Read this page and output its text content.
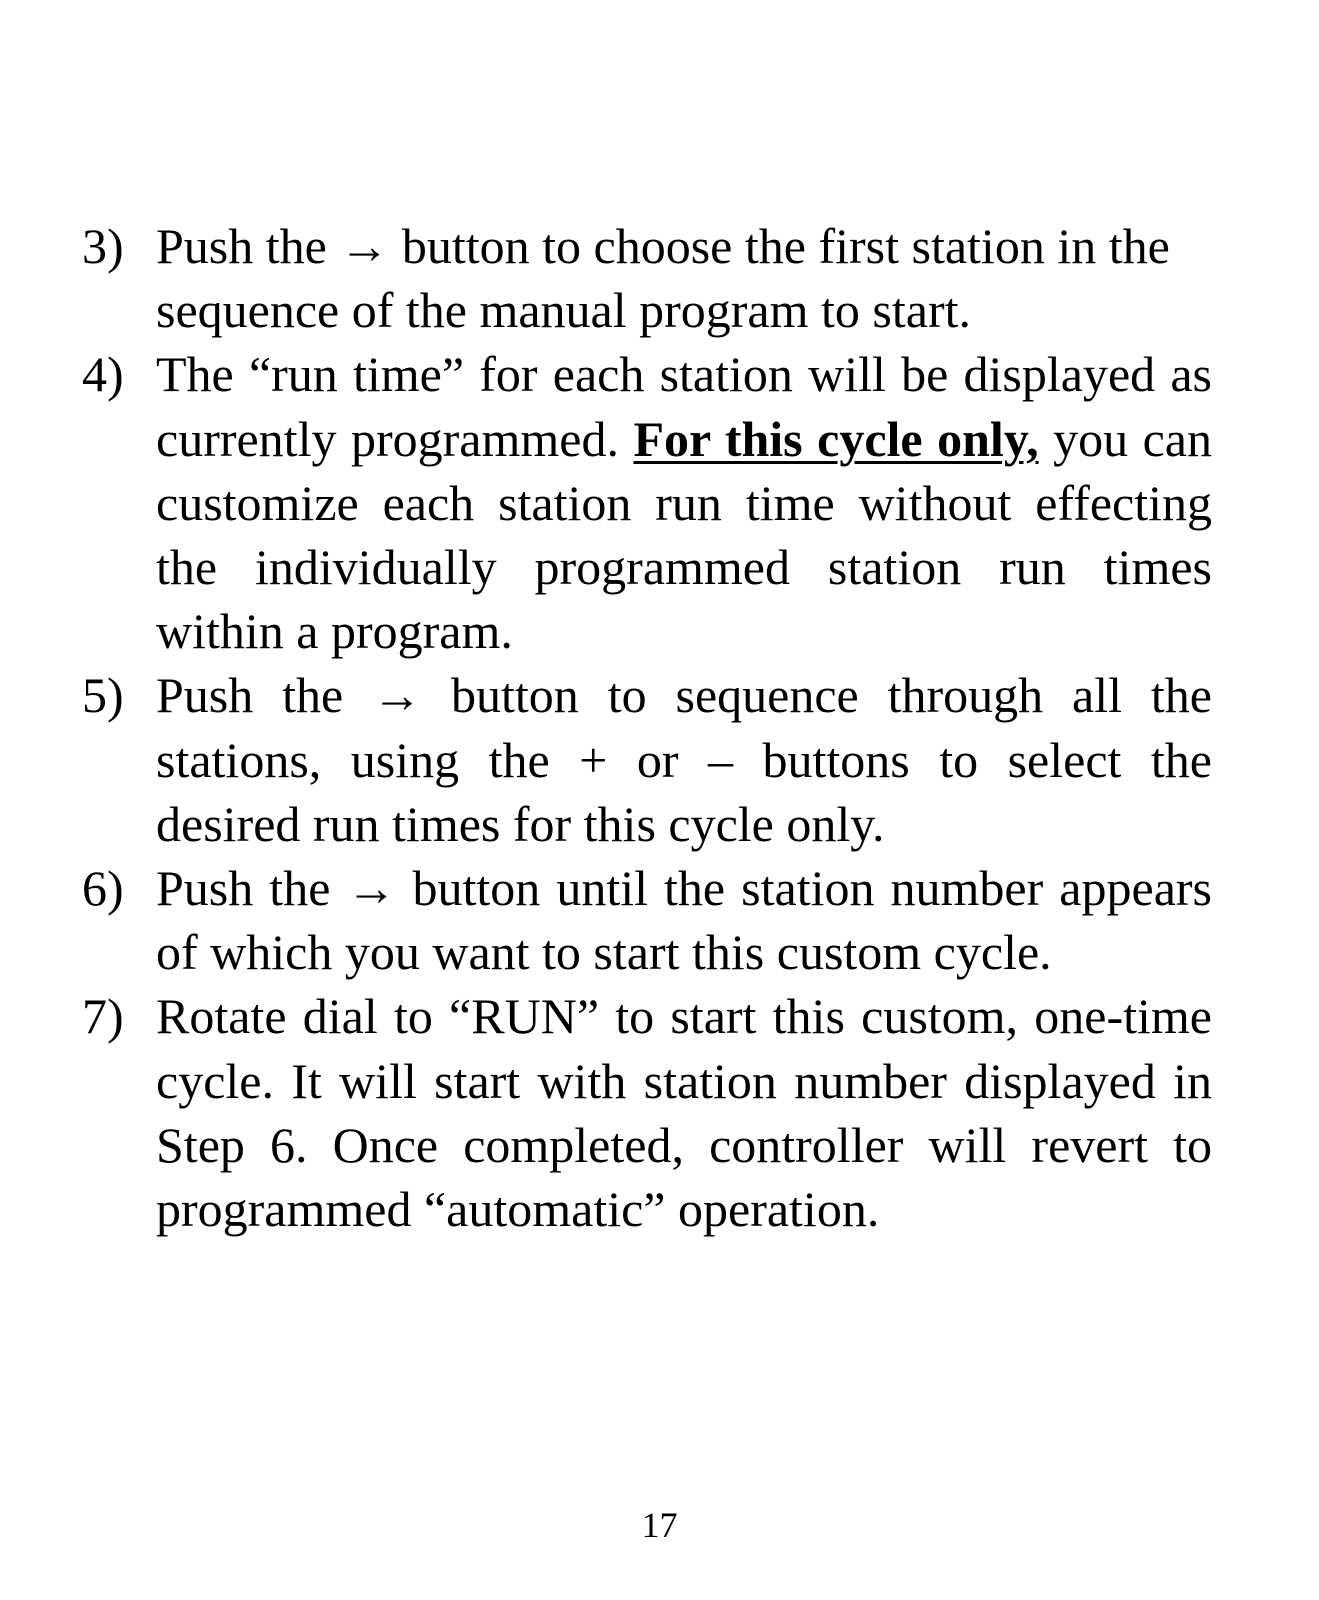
3) Push the → button to choose the first station in the sequence of the manual program to start.
4) The “run time” for each station will be displayed as currently programmed. For this cycle only, you can customize each station run time without effecting the individually programmed station run times within a program.
5) Push the → button to sequence through all the stations, using the + or – buttons to select the desired run times for this cycle only.
6) Push the → button until the station number appears of which you want to start this custom cycle.
7) Rotate dial to “RUN” to start this custom, one-time cycle. It will start with station number displayed in Step 6. Once completed, controller will revert to programmed “automatic” operation.
17
